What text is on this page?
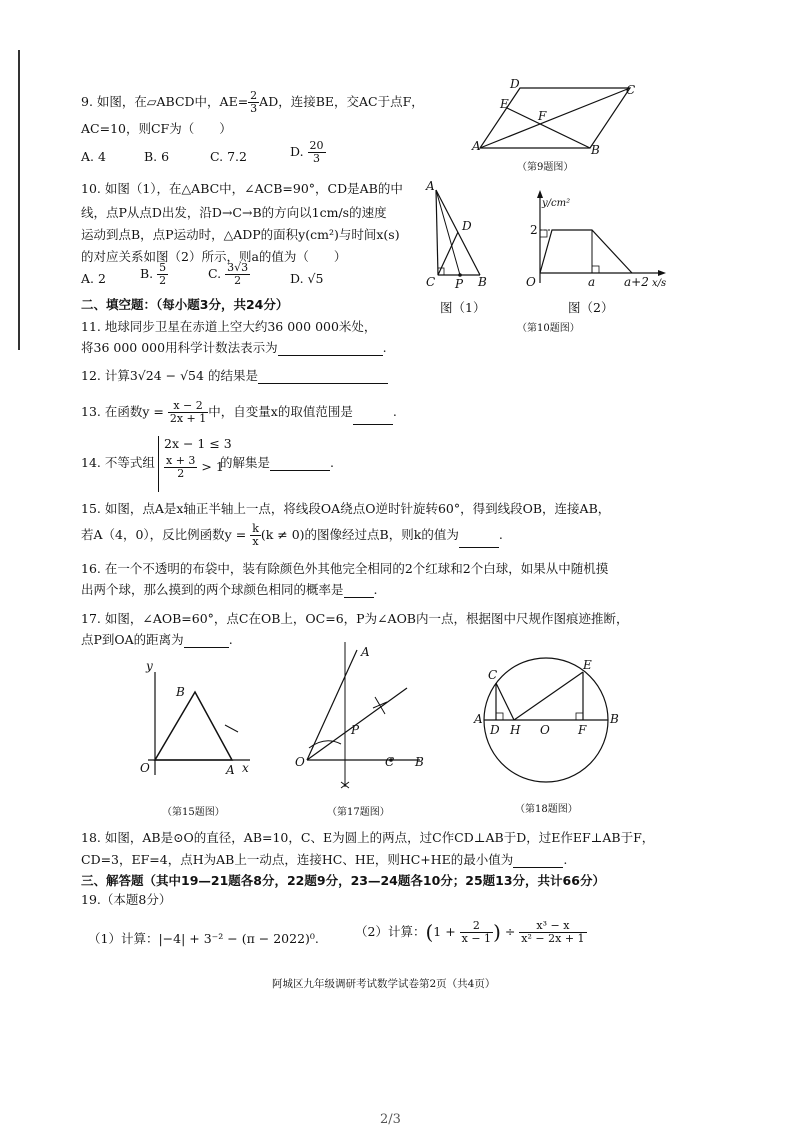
9. 如图，在▱ABCD中，$AE= \frac{2}{3}$ AD，连接BE，交AC于点F，
AC=10，则CF为（　　）
A. 4	B. 6	C. 7.2	D. $\frac{20}{3}$	A	B
C
D
E
F
（第9题图）
10. 如图（1），在△ABC中，∠ACB=90°，CD是AB的中
线，点P从点D出发，沿D→C→B的方向以1cm/s的速度
运动到点B，点P运动时，△ADP的面积y(cm²)与时间x(s)
的对应关系如图（2）所示，则a的值为（　　）
A. 2	B. $\frac{5}{2}$	C. $\frac{3√3}{2}$	D. √5
A
D
C P B
图（1）
y/cm²
2
O	a a+2 x/s
图（2）
（第10题图）
二、填空题：（每小题3分，共24分）
11. 地球同步卫星在赤道上空大约36 000 000米处，
将36 000 000用科学计数法表示为	.
12. 计算3√24 − √54 的结果是
13. 在函数$y = \frac{x - 2}{2x + 1}$ 中，自变量x的取值范围是	.
14. 不等式组
2x − 1 ≤ 3
$\frac{x + 3}{2} > 1$
的解集是	.
15. 如图，点A是x轴正半轴上一点，将线段OA绕点O逆时针旋转60°，得到线段OB，连接AB，
若A（4，0），反比例函数$y = \frac{k}{x} (k \ne 0)$的图像经过点B，则k的值为	.
16. 在一个不透明的布袋中，装有除颜色外其他完全相同的2个红球和2个白球，如果从中随机摸
出两个球，那么摸到的两个球颜色相同的概率是 .
17. 如图，∠AOB=60°，点C在OB上，OC=6，P为∠AOB内一点，根据图中尺规作图痕迹推断，
点P到OA的距离为	.
y
B
O	A x
（第15题图）
A
P
O	C B
（第17题图）
C
E
A
D H O F
B
（第18题图）
18. 如图，AB是⊙O的直径，AB=10，C、E为圆上的两点，过C作CD⊥AB于D，过E作EF⊥AB于F，
CD=3，EF=4，点H为AB上一动点，连接HC、HE，则HC+HE的最小值为	.
三、解答题（其中19—21题各8分，22题9分，23—24题各10分；25题13分，共计66分）
19.（本题8分）
（1）计算：|−4| + 3⁻² − (π − 2022)⁰.	（2）计算：($1 + \frac{2}{x - 1}$ ) ÷ $\frac{\text{x³ − x}}{\text{x² − 2x + 1}}$
阿城区九年级调研考试数学试卷第2页（共4页）
2/3
